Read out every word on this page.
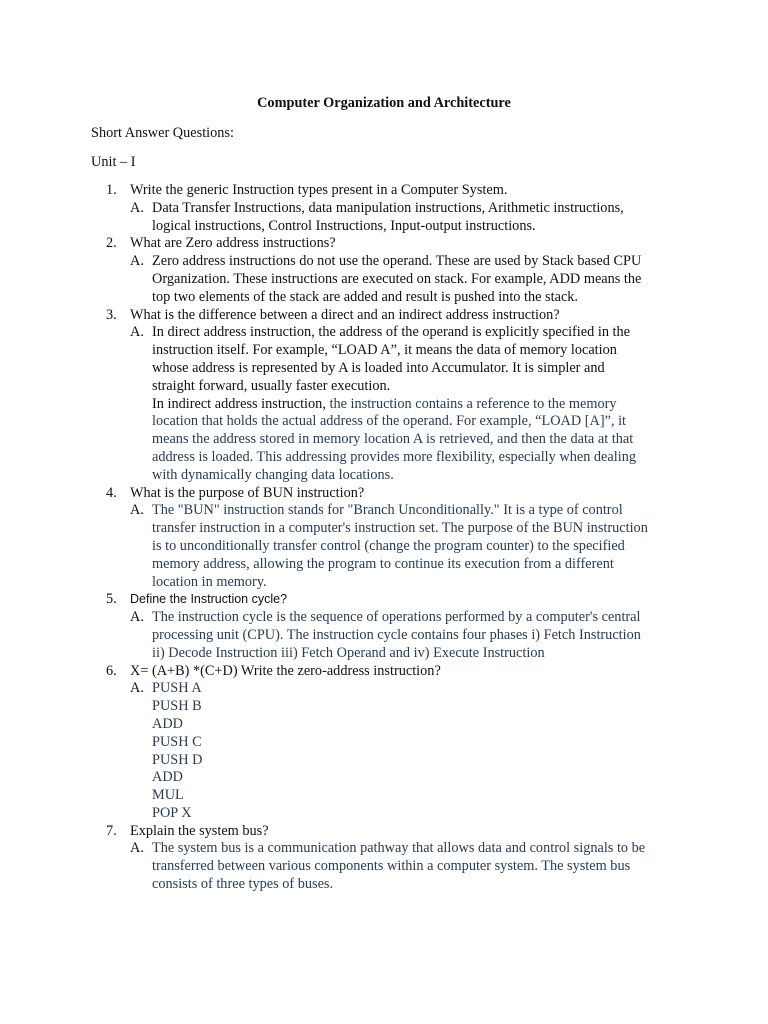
Computer Organization and Architecture
Short Answer Questions:
Unit – I
1. Write the generic Instruction types present in a Computer System.
A. Data Transfer Instructions, data manipulation instructions, Arithmetic instructions,
logical instructions, Control Instructions, Input-output instructions.
2. What are Zero address instructions?
A. Zero address instructions do not use the operand. These are used by Stack based CPU
Organization. These instructions are executed on stack. For example, ADD means the
top two elements of the stack are added and result is pushed into the stack.
3. What is the difference between a direct and an indirect address instruction?
A. In direct address instruction, the address of the operand is explicitly specified in the
instruction itself. For example, “LOAD A”, it means the data of memory location
whose address is represented by A is loaded into Accumulator. It is simpler and
straight forward, usually faster execution.
In indirect address instruction, the instruction contains a reference to the memory
location that holds the actual address of the operand. For example, “LOAD [A]”, it
means the address stored in memory location A is retrieved, and then the data at that
address is loaded. This addressing provides more flexibility, especially when dealing
with dynamically changing data locations.
4. What is the purpose of BUN instruction?
A. The "BUN" instruction stands for "Branch Unconditionally." It is a type of control
transfer instruction in a computer's instruction set. The purpose of the BUN instruction
is to unconditionally transfer control (change the program counter) to the specified
memory address, allowing the program to continue its execution from a different
location in memory.
5. Define the Instruction cycle?
A. The instruction cycle is the sequence of operations performed by a computer's central
processing unit (CPU). The instruction cycle contains four phases i) Fetch Instruction
ii) Decode Instruction iii) Fetch Operand and iv) Execute Instruction
6. X= (A+B) *(C+D) Write the zero-address instruction?
A. PUSH A
PUSH B
ADD
PUSH C
PUSH D
ADD
MUL
POP X
7. Explain the system bus?
A. The system bus is a communication pathway that allows data and control signals to be
transferred between various components within a computer system. The system bus
consists of three types of buses.
